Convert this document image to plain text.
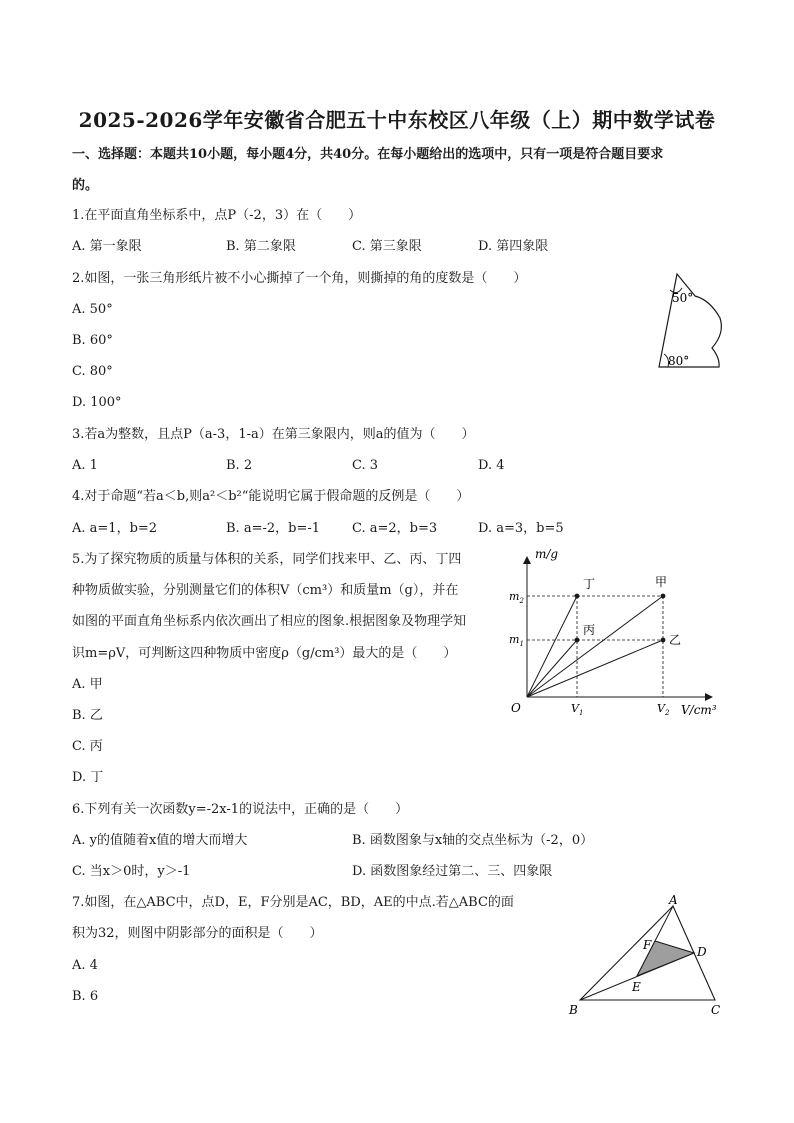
2025-2026学年安徽省合肥五十中东校区八年级（上）期中数学试卷
一、选择题：本题共10小题，每小题4分，共40分。在每小题给出的选项中，只有一项是符合题目要求
的。
1.在平面直角坐标系中，点P（-2，3）在（　　）
A. 第一象限	B. 第二象限	C. 第三象限	D. 第四象限
2.如图，一张三角形纸片被不小心撕掉了一个角，则撕掉的角的度数是（　　）
A. 50°
B. 60°
C. 80°
D. 100°
50°
80°
3.若a为整数，且点P（a-3，1-a）在第三象限内，则a的值为（　　）
A. 1	B. 2	C. 3	D. 4
4.对于命题“若a＜b,则a²＜b²“能说明它属于假命题的反例是（　　）
A. a=1，b=2	B. a=-2，b=-1 C. a=2，b=3	D. a=3，b=5
5.为了探究物质的质量与体积的关系，同学们找来甲、乙、丙、丁四
种物质做实验，分别测量它们的体积V（cm³）和质量m（g），并在
如图的平面直角坐标系内依次画出了相应的图象.根据图象及物理学知
识m=ρV，可判断这四种物质中密度ρ（g/cm³）最大的是（　　）
A. 甲
B. 乙
C. 丙
D. 丁
m/g
V/cm³
O
$m_2$
$m_1$
$V_1$	$V_2$
丁	甲
丙
乙
6.下列有关一次函数y=-2x-1的说法中，正确的是（　　）
A. y的值随着x值的增大而增大	B. 函数图象与x轴的交点坐标为（-2，0）
C. 当x＞0时，y＞-1	D. 函数图象经过第二、三、四象限
7.如图，在△ABC中，点D，E，F分别是AC，BD，AE的中点.若△ABC的面
积为32，则图中阴影部分的面积是（　　）
A. 4
B. 6
A
B	C
D
E
F
